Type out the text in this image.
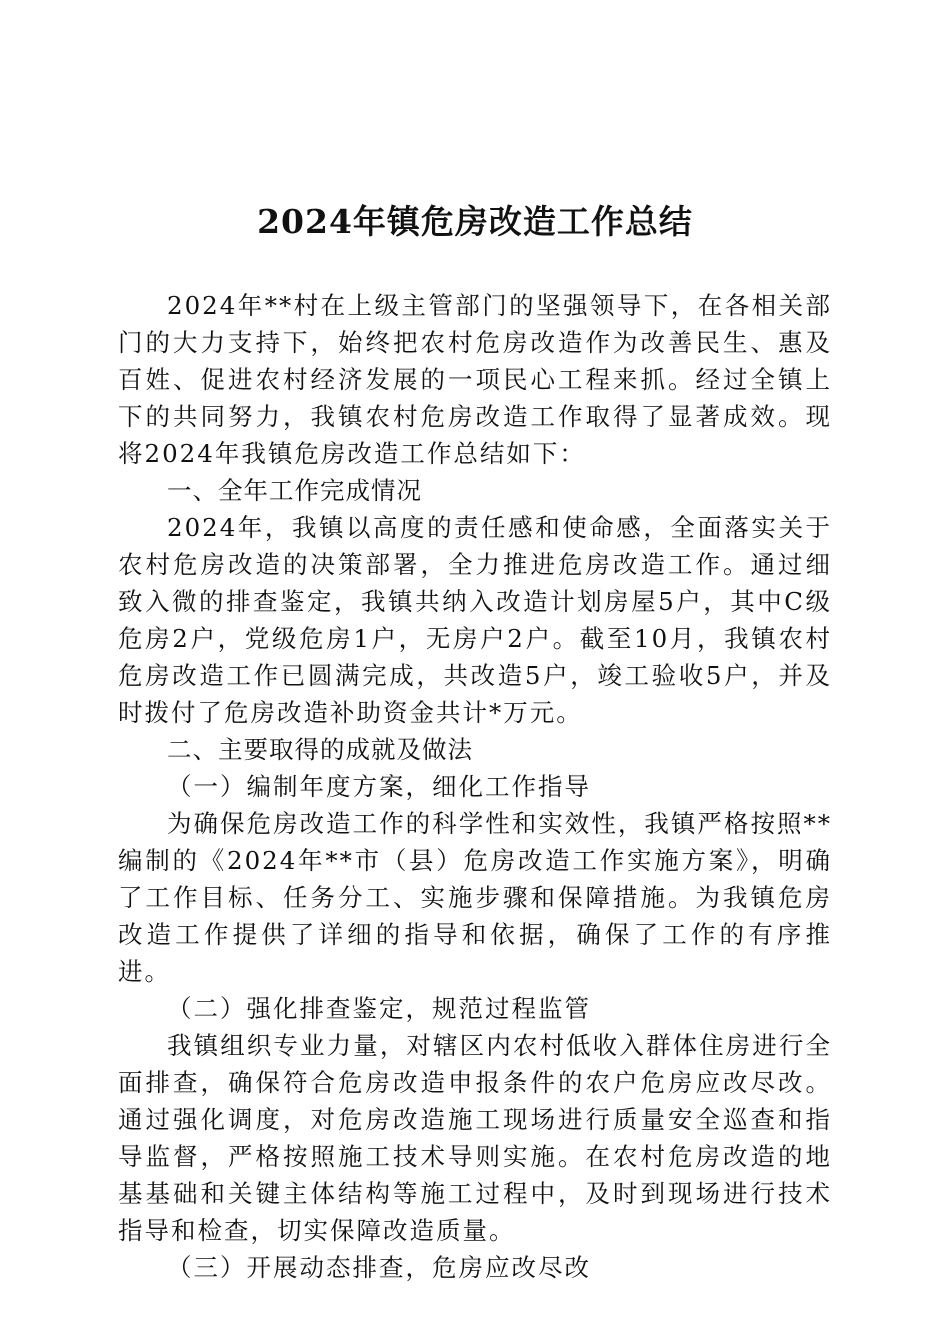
2024年镇危房改造工作总结

2024年**村在上级主管部门的坚强领导下，在各相关部门的大力支持下，始终把农村危房改造作为改善民生、惠及百姓、促进农村经济发展的一项民心工程来抓。经过全镇上下的共同努力，我镇农村危房改造工作取得了显著成效。现将2024年我镇危房改造工作总结如下：

一、全年工作完成情况

2024年，我镇以高度的责任感和使命感，全面落实关于农村危房改造的决策部署，全力推进危房改造工作。通过细致入微的排查鉴定，我镇共纳入改造计划房屋5户，其中C级危房2户，党级危房1户，无房户2户。截至10月，我镇农村危房改造工作已圆满完成，共改造5户，竣工验收5户，并及时拨付了危房改造补助资金共计*万元。

二、主要取得的成就及做法
（一）编制年度方案，细化工作指导

为确保危房改造工作的科学性和实效性，我镇严格按照**编制的《2024年**市（县）危房改造工作实施方案》，明确了工作目标、任务分工、实施步骤和保障措施。为我镇危房改造工作提供了详细的指导和依据，确保了工作的有序推进。

（二）强化排查鉴定，规范过程监管

我镇组织专业力量，对辖区内农村低收入群体住房进行全面排查，确保符合危房改造申报条件的农户危房应改尽改。通过强化调度，对危房改造施工现场进行质量安全巡查和指导监督，严格按照施工技术导则实施。在农村危房改造的地基基础和关键主体结构等施工过程中，及时到现场进行技术指导和检查，切实保障改造质量。

（三）开展动态排查，危房应改尽改
